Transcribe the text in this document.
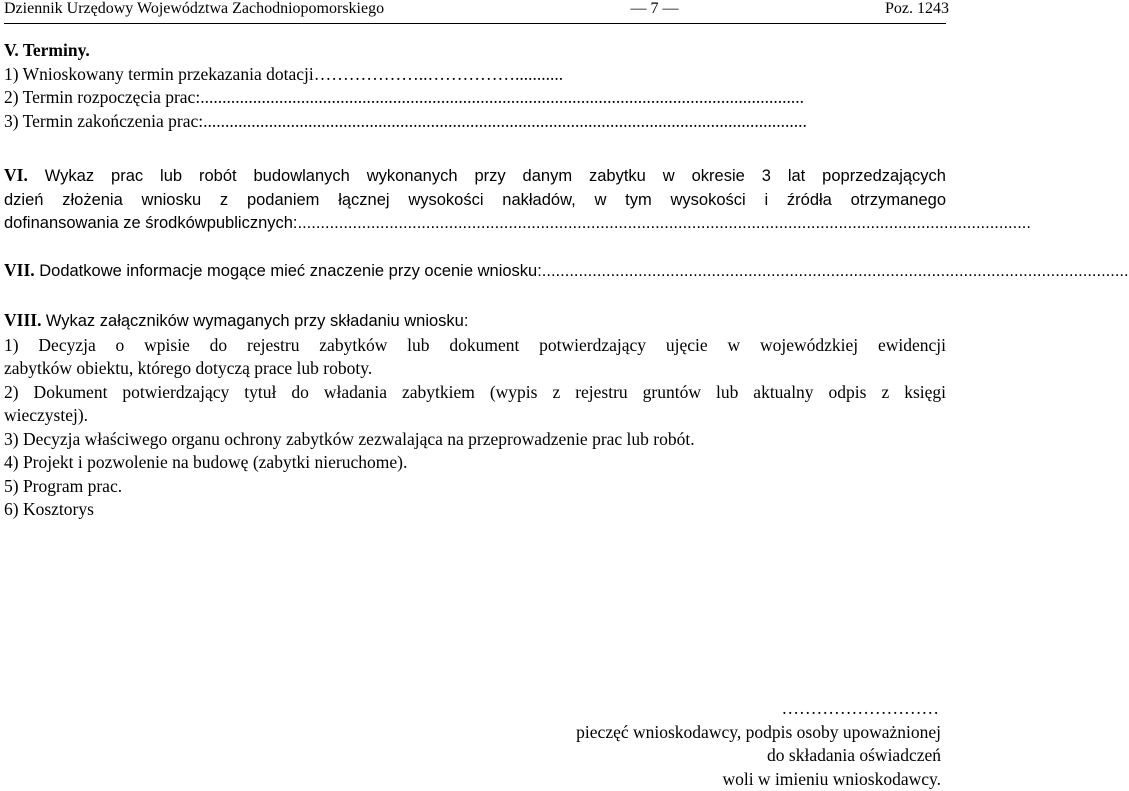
Dziennik Urzędowy Województwa Zachodniopomorskiego	— 7 —	Poz. 1243
V. Terminy.
1) Wnioskowany termin przekazania dotacji………………..……………...........
2) Termin rozpoczęcia prac:..........................................................................................................................................
3) Termin zakończenia prac:..........................................................................................................................................
VI. Wykaz prac lub robót budowlanych wykonanych przy danym zabytku w okresie 3 lat poprzedzających
dzień złożenia wniosku z podaniem łącznej wysokości nakładów, w tym wysokości i źródła otrzymanego
dofinansowania ze środkówpublicznych:................................................................................................................................................................
VII.
Dodatkowe informacje mogące mieć znaczenie przy ocenie wniosku:................................................................................................................................
VIII. Wykaz załączników wymaganych przy składaniu wniosku:
1) Decyzja o wpisie do rejestru zabytków lub dokument potwierdzający ujęcie w wojewódzkiej ewidencji
zabytków obiektu, którego dotyczą prace lub roboty.
2) Dokument potwierdzający tytuł do władania zabytkiem (wypis z rejestru gruntów lub aktualny odpis z księgi
wieczystej).
3) Decyzja właściwego organu ochrony zabytków zezwalająca na przeprowadzenie prac lub robót.
4) Projekt i pozwolenie na budowę (zabytki nieruchome).
5) Program prac.
6) Kosztorys
………………………
pieczęć wnioskodawcy, podpis osoby upoważnionej
do składania oświadczeń
woli w imieniu wnioskodawcy.
